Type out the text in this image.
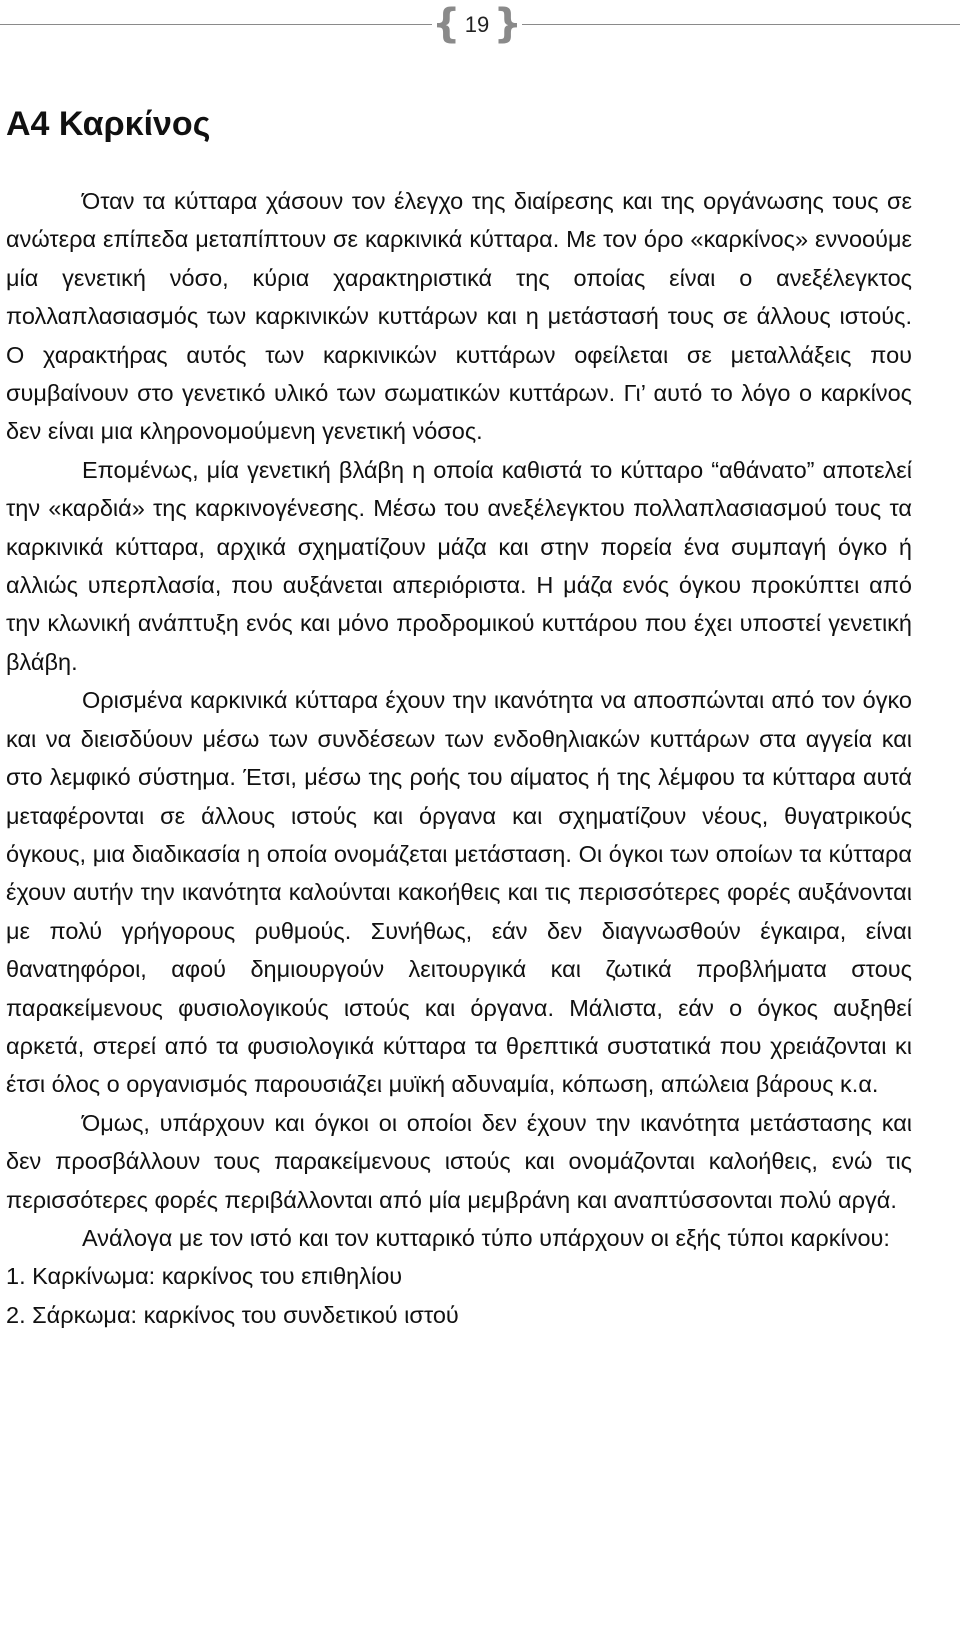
{ 19 }
Α4 Καρκίνος

Όταν τα κύτταρα χάσουν τον έλεγχο της διαίρεσης και της οργάνωσης τους σε ανώτερα επίπεδα μεταπίπτουν σε καρκινικά κύτταρα. Με τον όρο «καρκίνος» εννοούμε μία γενετική νόσο, κύρια χαρακτηριστικά της οποίας είναι ο ανεξέλεγκτος πολλαπλασιασμός των καρκινικών κυττάρων και η μετάστασή τους σε άλλους ιστούς. Ο χαρακτήρας αυτός των καρκινικών κυττάρων οφείλεται σε μεταλλάξεις που συμβαίνουν στο γενετικό υλικό των σωματικών κυττάρων. Γι’ αυτό το λόγο ο καρκίνος δεν είναι μια κληρονομούμενη γενετική νόσος.

Επομένως, μία γενετική βλάβη η οποία καθιστά το κύτταρο “αθάνατο” αποτελεί την «καρδιά» της καρκινογένεσης. Μέσω του ανεξέλεγκτου πολλαπλασιασμού τους τα καρκινικά κύτταρα, αρχικά σχηματίζουν μάζα και στην πορεία ένα συμπαγή όγκο ή αλλιώς υπερπλασία, που αυξάνεται απεριόριστα. Η μάζα ενός όγκου προκύπτει από την κλωνική ανάπτυξη ενός και μόνο προδρομικού κυττάρου που έχει υποστεί γενετική βλάβη.

Ορισμένα καρκινικά κύτταρα έχουν την ικανότητα να αποσπώνται από τον όγκο και να διεισδύουν μέσω των συνδέσεων των ενδοθηλιακών κυττάρων στα αγγεία και στο λεμφικό σύστημα. Έτσι, μέσω της ροής του αίματος ή της λέμφου τα κύτταρα αυτά μεταφέρονται σε άλλους ιστούς και όργανα και σχηματίζουν νέους, θυγατρικούς όγκους, μια διαδικασία η οποία ονομάζεται μετάσταση. Οι όγκοι των οποίων τα κύτταρα έχουν αυτήν την ικανότητα καλούνται κακοήθεις και τις περισσότερες φορές αυξάνονται με πολύ γρήγορους ρυθμούς. Συνήθως, εάν δεν διαγνωσθούν έγκαιρα, είναι θανατηφόροι, αφού δημιουργούν λειτουργικά και ζωτικά προβλήματα στους παρακείμενους φυσιολογικούς ιστούς και όργανα. Μάλιστα, εάν ο όγκος αυξηθεί αρκετά, στερεί από τα φυσιολογικά κύτταρα τα θρεπτικά συστατικά που χρειάζονται κι έτσι όλος ο οργανισμός παρουσιάζει μυϊκή αδυναμία, κόπωση, απώλεια βάρους κ.α.

Όμως, υπάρχουν και όγκοι οι οποίοι δεν έχουν την ικανότητα μετάστασης και δεν προσβάλλουν τους παρακείμενους ιστούς και ονομάζονται καλοήθεις, ενώ τις περισσότερες φορές περιβάλλονται από μία μεμβράνη και αναπτύσσονται πολύ αργά.

Ανάλογα με τον ιστό και τον κυτταρικό τύπο υπάρχουν οι εξής τύποι καρκίνου:

1. Καρκίνωμα: καρκίνος του επιθηλίου
2. Σάρκωμα: καρκίνος του συνδετικού ιστού
